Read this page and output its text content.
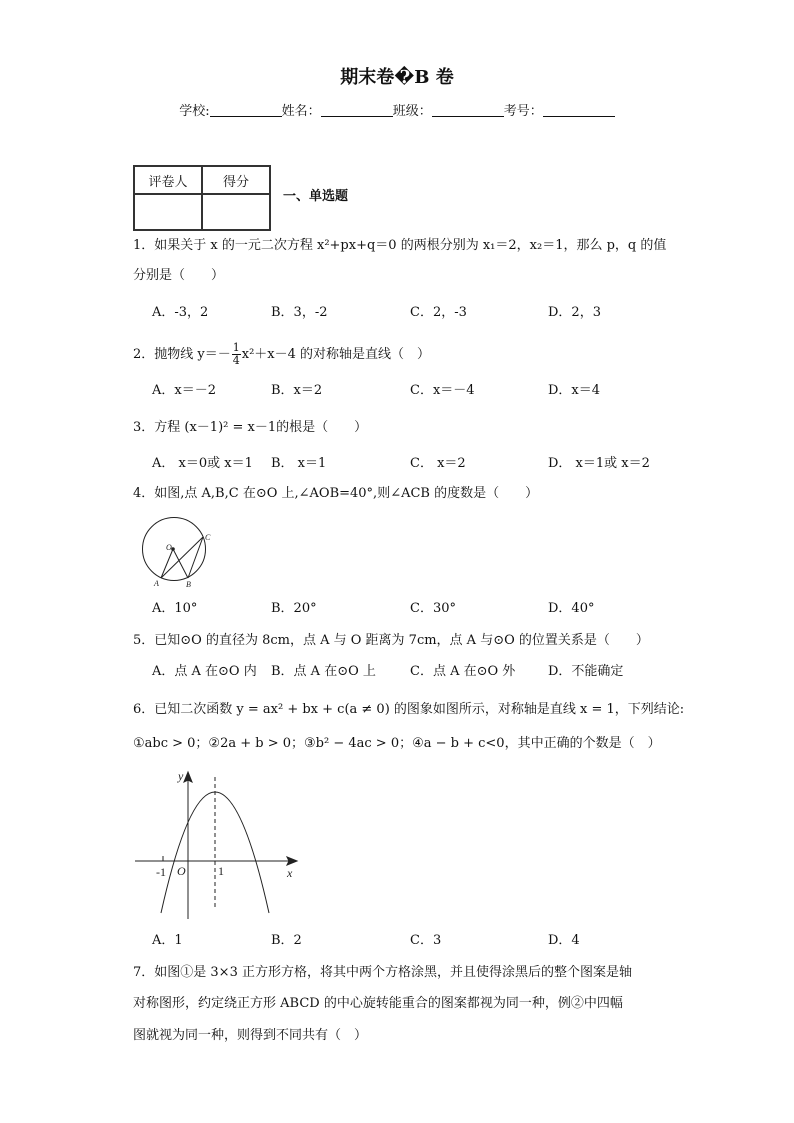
期末卷�B 卷
学校:	姓名：	班级：	考号：
评卷人	得分

一、单选题
1．如果关于 x 的一元二次方程 x²+px+q＝0 的两根分别为 x₁＝2，x₂＝1，那么 p，q 的值
分别是（　　）
A．-3，2	B．3，-2	C．2，-3	D．2，3
2．抛物线 $y=- \frac{1}{4} x^2+x-4$ 的对称轴是直线（　）
A．x＝－2	B．x＝2	C．x＝－4	D．x＝4
3．方程 (x－1)² = x－1的根是（　　）
A． x＝0或 x＝1 B． x＝1	C． x＝2	D． x＝1或 x＝2
4．如图,点 A,B,C 在⊙O 上,∠AOB=40°,则∠ACB 的度数是（　　）
O
A	B
C
y
x
O
-1	1
A．10°	B．20°	C．30°	D．40°
5．已知⊙O 的直径为 8cm，点 A 与 O 距离为 7cm，点 A 与⊙O 的位置关系是（　　）
A．点 A 在⊙O 内 B．点 A 在⊙O 上	C．点 A 在⊙O 外	D．不能确定
6．已知二次函数 y = ax² + bx + c(a ≠ 0) 的图象如图所示，对称轴是直线 x = 1，下列结论:
①abc > 0；②2a + b > 0；③b² − 4ac > 0；④a − b + c<0，其中正确的个数是（　）
A．1	B．2	C．3	D．4
7．如图①是 3×3 正方形方格，将其中两个方格涂黑，并且使得涂黑后的整个图案是轴
对称图形，约定绕正方形 ABCD 的中心旋转能重合的图案都视为同一种，例②中四幅
图就视为同一种，则得到不同共有（　）
